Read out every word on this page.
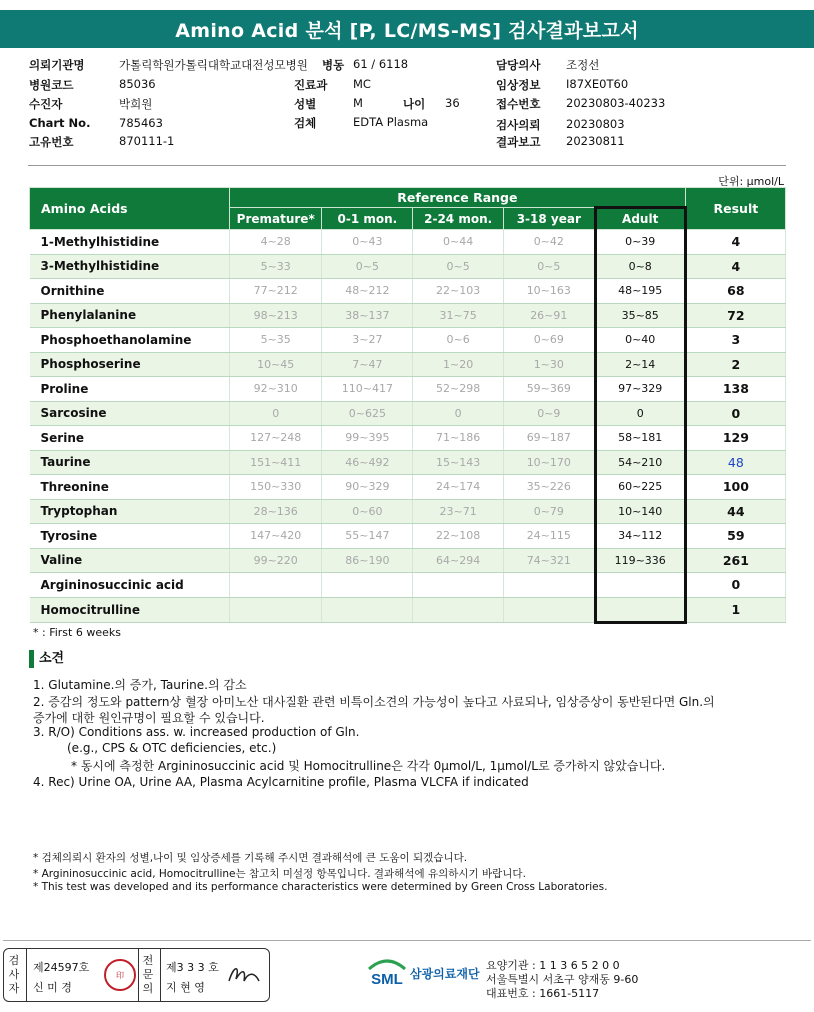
Amino Acid 분석 [P, LC/MS-MS] 검사결과보고서
의뢰기관명	가톨릭학원가톨릭대학교대전성모병원
병원코드	85036
수진자	박희원
Chart No. 785463
고유번호	870111-1
병동 61 / 6118
진료과 MC
성별	M	나이 36
검체	EDTA Plasma
담당의사 조정선
임상정보 I87XE0T60
접수번호 20230803-40233
검사의뢰 20230803
결과보고 20230811
단위: μmol/L
Amino Acids	Reference Range					Result
	Premature*	0-1 mon.	2-24 mon.	3-18 year	Adult	
1-Methylhistidine	4~28	0~43	0~44	0~42	0~39	4
3-Methylhistidine	5~33	0~5	0~5	0~5	0~8	4
Ornithine	77~212	48~212	22~103	10~163	48~195	68
Phenylalanine	98~213	38~137	31~75	26~91	35~85	72
Phosphoethanolamine	5~35	3~27	0~6	0~69	0~40	3
Phosphoserine	10~45	7~47	1~20	1~30	2~14	2
Proline	92~310	110~417	52~298	59~369	97~329	138
Sarcosine	0	0~625	0	0~9	0	0
Serine	127~248	99~395	71~186	69~187	58~181	129
Taurine	151~411	46~492	15~143	10~170	54~210	48
Threonine	150~330	90~329	24~174	35~226	60~225	100
Tryptophan	28~136	0~60	23~71	0~79	10~140	44
Tyrosine	147~420	55~147	22~108	24~115	34~112	59
Valine	99~220	86~190	64~294	74~321	119~336	261
Argininosuccinic acid						0
Homocitrulline						1
* : First 6 weeks
소견
1. Glutamine.의 증가, Taurine.의 감소
2. 증감의 정도와 pattern상 혈장 아미노산 대사질환 관련 비특이소견의 가능성이 높다고 사료되나, 임상증상이 동반된다면 Gln.의
증가에 대한 원인규명이 필요할 수 있습니다.
3. R/O) Conditions ass. w. increased production of Gln.
(e.g., CPS & OTC deficiencies, etc.)
* 동시에 측정한 Argininosuccinic acid 및 Homocitrulline은 각각 0μmol/L, 1μmol/L로 증가하지 않았습니다.
4. Rec) Urine OA, Urine AA, Plasma Acylcarnitine profile, Plasma VLCFA if indicated
* 검체의뢰시 환자의 성별,나이 및 임상증세를 기록해 주시면 결과해석에 큰 도움이 되겠습니다.
* Argininosuccinic acid, Homocitrulline는 참고치 미설정 항목입니다. 결과해석에 유의하시기 바랍니다.
* This test was developed and its performance characteristics were determined by Green Cross Laboratories.
검사자
제24597호
신 미 경
印
전문의
제3 3 3 호
지 현 영	SML 삼광의료재단
요양기관 : 1 1 3 6 5 2 0 0
서울특별시 서초구 양재동 9-60
대표번호 : 1661-5117
